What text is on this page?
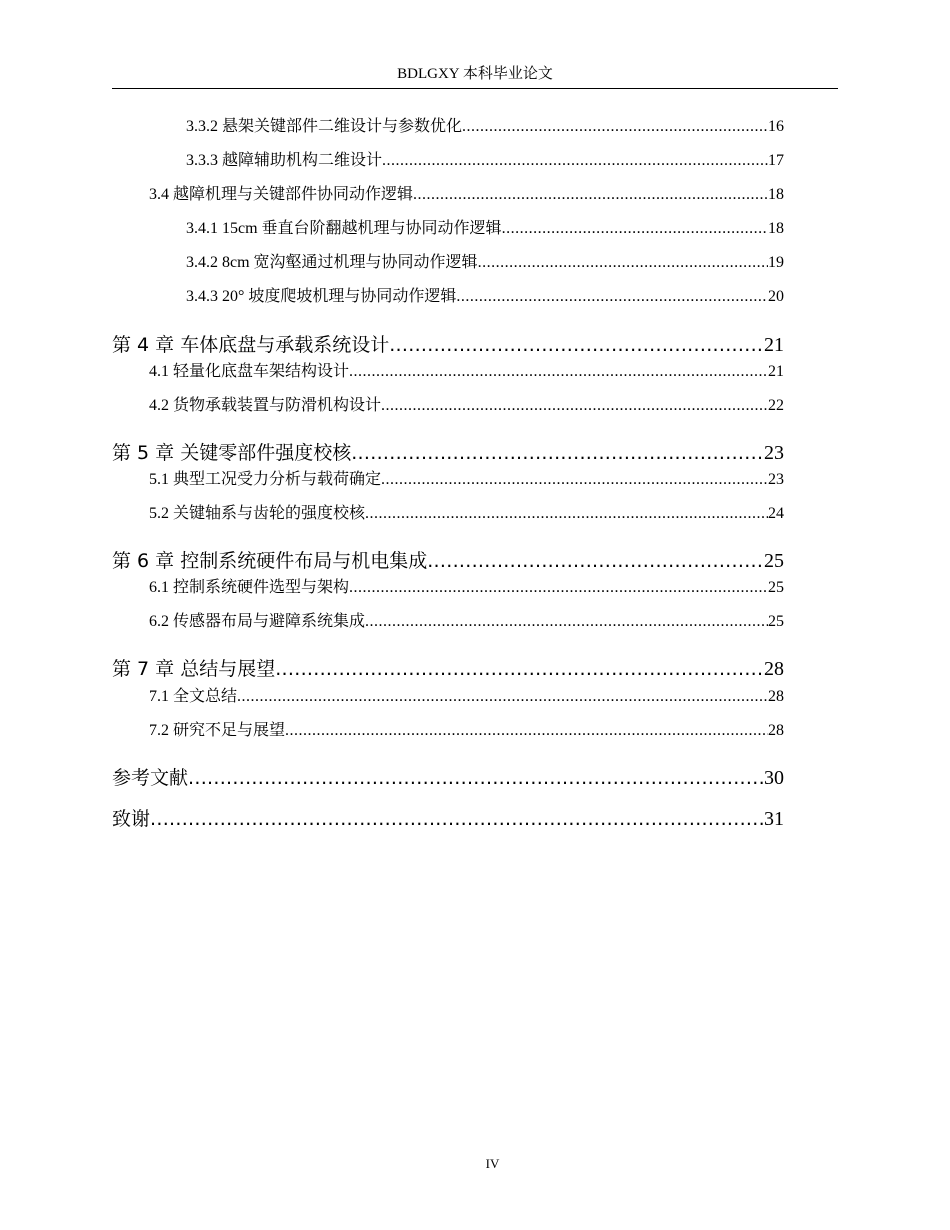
BDLGXY 本科毕业论文
3.3.2 悬架关键部件二维设计与参数优化 .....	16
3.3.3 越障辅助机构二维设计 .....	17
3.4 越障机理与关键部件协同动作逻辑 .....	18
3.4.1 15cm 垂直台阶翻越机理与协同动作逻辑 .....	18
3.4.2 8cm 宽沟壑通过机理与协同动作逻辑 .....	19
3.4.3 20° 坡度爬坡机理与协同动作逻辑 .....	20
第 4 章 车体底盘与承载系统设计 .....	21
4.1 轻量化底盘车架结构设计 .....	21
4.2 货物承载装置与防滑机构设计 .....	22
第 5 章 关键零部件强度校核 .....	23
5.1 典型工况受力分析与载荷确定 .....	23
5.2 关键轴系与齿轮的强度校核 .....	24
第 6 章 控制系统硬件布局与机电集成 .....	25
6.1 控制系统硬件选型与架构 .....	25
6.2 传感器布局与避障系统集成 .....	25
第 7 章 总结与展望 .....	28
7.1 全文总结 .....	28
7.2 研究不足与展望 .....	28
参考文献 .....	30
致谢 .....	31
IV
